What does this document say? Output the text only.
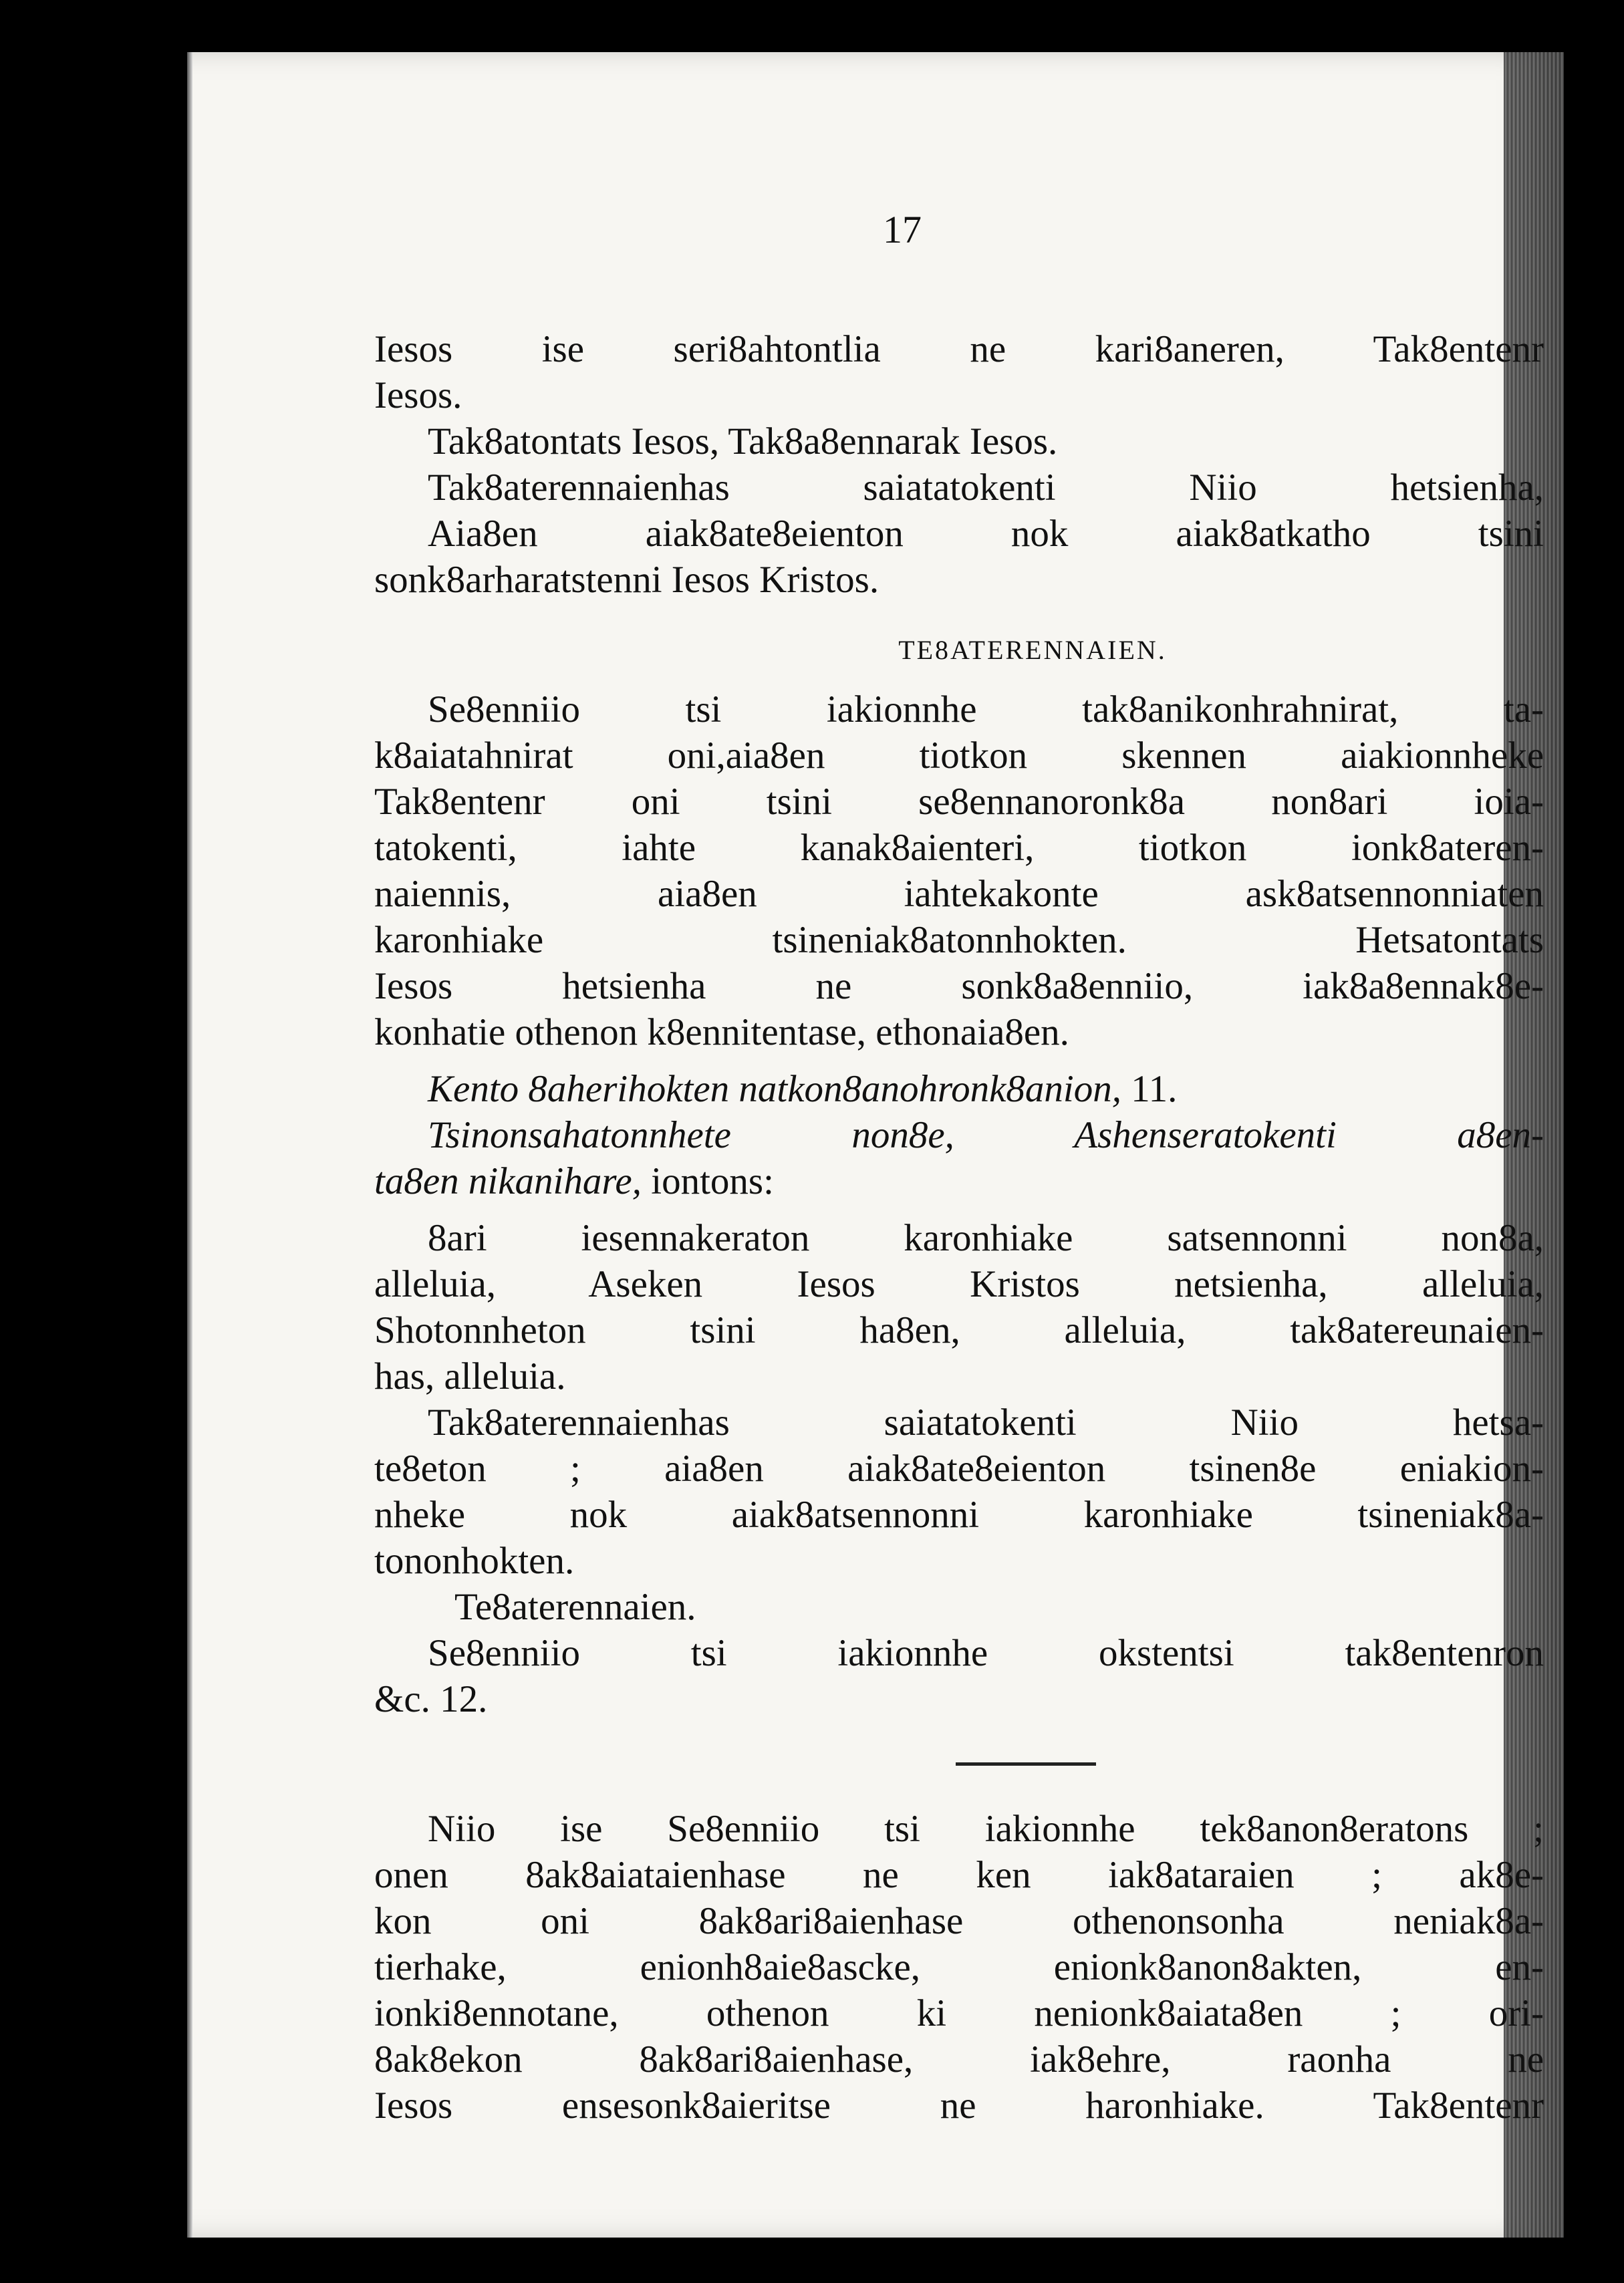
17
Iesos ise seri8ahtontlia ne kari8aneren, Tak8entenr
Iesos.
Tak8atontats Iesos, Tak8a8ennarak Iesos.
Tak8aterennaienhas saiatatokenti Niio hetsienha,
Aia8en aiak8ate8eienton nok aiak8atkatho tsini
sonk8arharatstenni Iesos Kristos.
TE8ATERENNAIEN.
Se8enniio tsi iakionnhe tak8anikonhrahnirat, ta-
k8aiatahnirat oni,aia8en tiotkon skennen aiakionnheke
Tak8entenr oni tsini se8ennanoronk8a non8ari ioia-
tatokenti, iahte kanak8aienteri, tiotkon ionk8ateren-
naiennis, aia8en iahtekakonte ask8atsennonniaten
karonhiake tsineniak8atonnhokten. Hetsatontats
Iesos hetsienha ne sonk8a8enniio, iak8a8ennak8e-
konhatie othenon k8ennitentase, ethonaia8en.
Kento 8aherihokten natkon8anohronk8anion, 11.
Tsinonsahatonnhete non8e, Ashenseratokenti a8en-
ta8en nikanihare, iontons:
8ari iesennakeraton karonhiake satsennonni non8a,
alleluia, Aseken Iesos Kristos netsienha, alleluia,
Shotonnheton tsini ha8en, alleluia, tak8atereunaien-
has, alleluia.
Tak8aterennaienhas saiatatokenti Niio hetsa-
te8eton ; aia8en aiak8ate8eienton tsinen8e eniakion-
nheke nok aiak8atsennonni karonhiake tsineniak8a-
tononhokten.
Te8aterennaien.
Se8enniio tsi iakionnhe okstentsi tak8entenron
&c. 12.
Niio ise Se8enniio tsi iakionnhe tek8anon8eratons ;
onen 8ak8aiataienhase ne ken iak8ataraien ; ak8e-
kon oni 8ak8ari8aienhase othenonsonha neniak8a-
tierhake, enionh8aie8ascke, enionk8anon8akten, en-
ionki8ennotane, othenon ki nenionk8aiata8en ; ori-
8ak8ekon 8ak8ari8aienhase, iak8ehre, raonha ne
Iesos ensesonk8aieritse ne haronhiake. Tak8entenr
